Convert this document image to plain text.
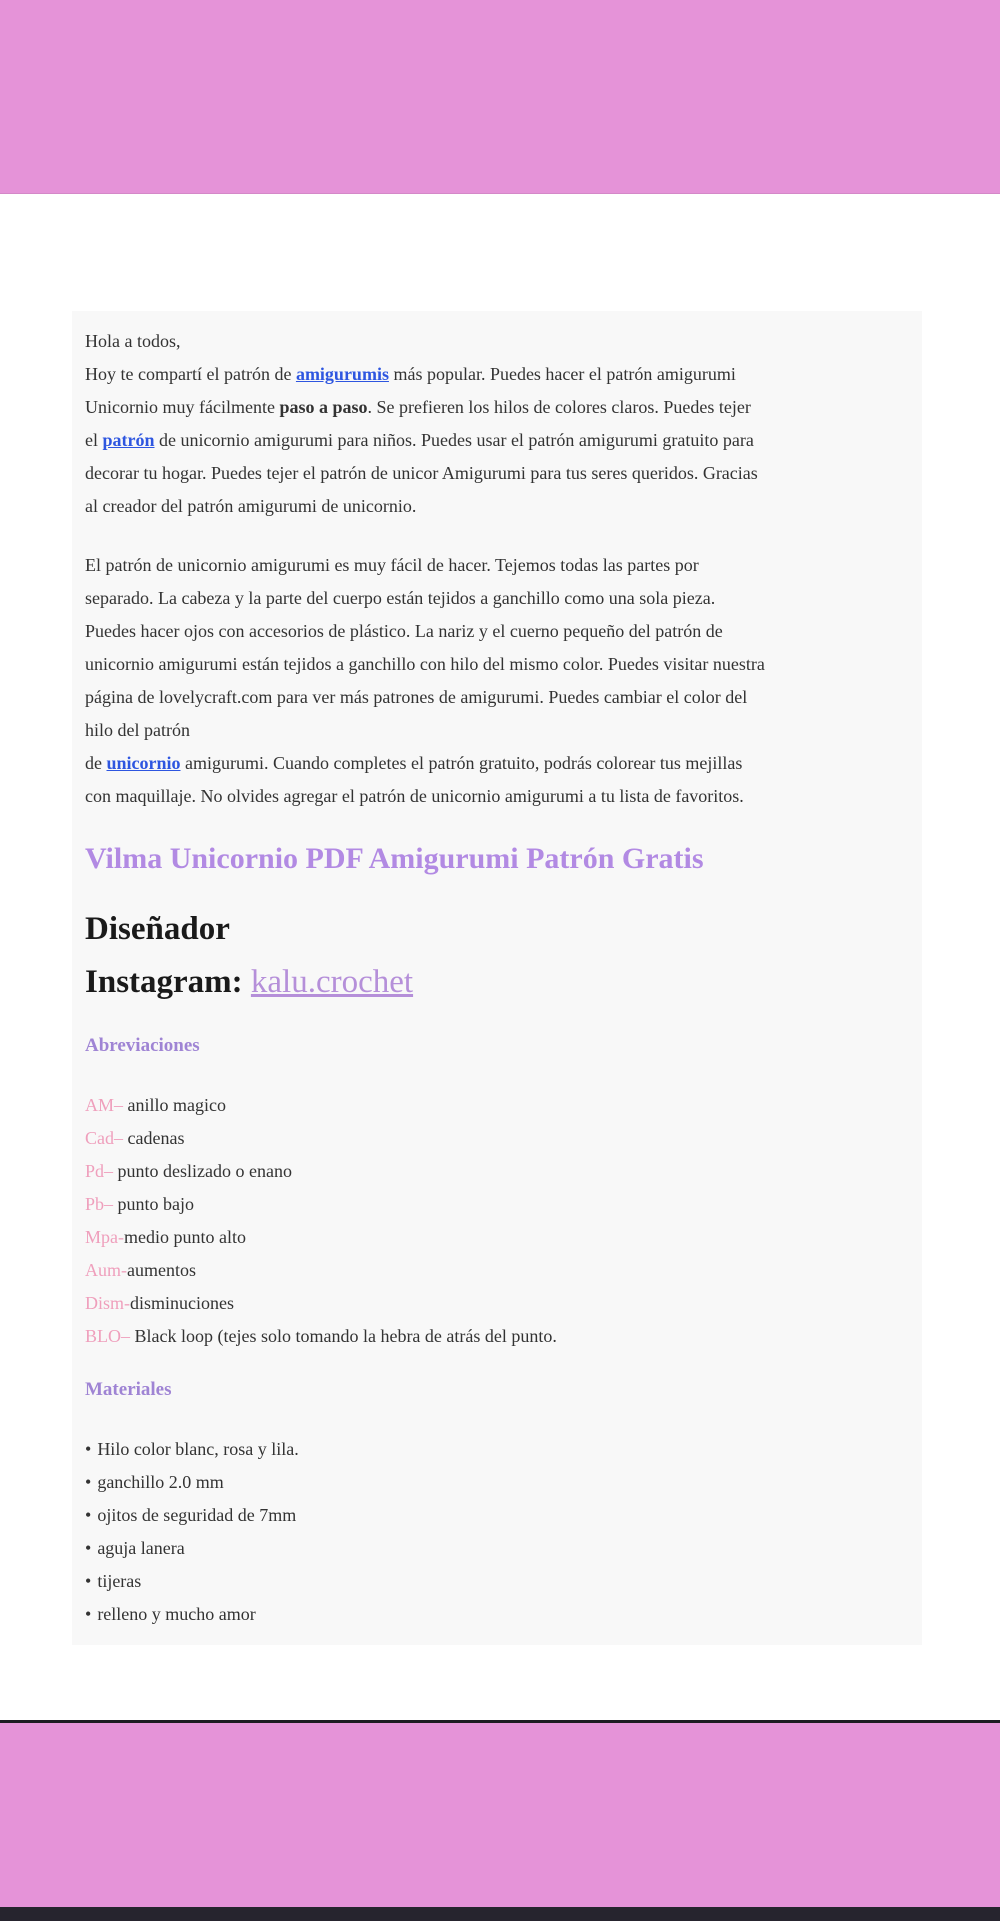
Hola a todos,
Hoy te compartí el patrón de amigurumis más popular. Puedes hacer el patrón amigurumi Unicornio muy fácilmente paso a paso. Se prefieren los hilos de colores claros. Puedes tejer el patrón de unicornio amigurumi para niños. Puedes usar el patrón amigurumi gratuito para decorar tu hogar. Puedes tejer el patrón de unicor Amigurumi para tus seres queridos. Gracias al creador del patrón amigurumi de unicornio.

El patrón de unicornio amigurumi es muy fácil de hacer. Tejemos todas las partes por separado. La cabeza y la parte del cuerpo están tejidos a ganchillo como una sola pieza. Puedes hacer ojos con accesorios de plástico. La nariz y el cuerno pequeño del patrón de unicornio amigurumi están tejidos a ganchillo con hilo del mismo color. Puedes visitar nuestra página de lovelycraft.com para ver más patrones de amigurumi. Puedes cambiar el color del hilo del patrón
de unicornio amigurumi. Cuando completes el patrón gratuito, podrás colorear tus mejillas con maquillaje. No olvides agregar el patrón de unicornio amigurumi a tu lista de favoritos.

Vilma Unicornio PDF Amigurumi Patrón Gratis
Diseñador
Instagram: kalu.crochet
Abreviaciones
AM– anillo magico
Cad– cadenas
Pd– punto deslizado o enano
Pb– punto bajo
Mpa-medio punto alto
Aum-aumentos
Dism-disminuciones
BLO– Black loop (tejes solo tomando la hebra de atrás del punto.
Materiales
• Hilo color blanc, rosa y lila.
• ganchillo 2.0 mm
• ojitos de seguridad de 7mm
• aguja lanera
• tijeras
• relleno y mucho amor
